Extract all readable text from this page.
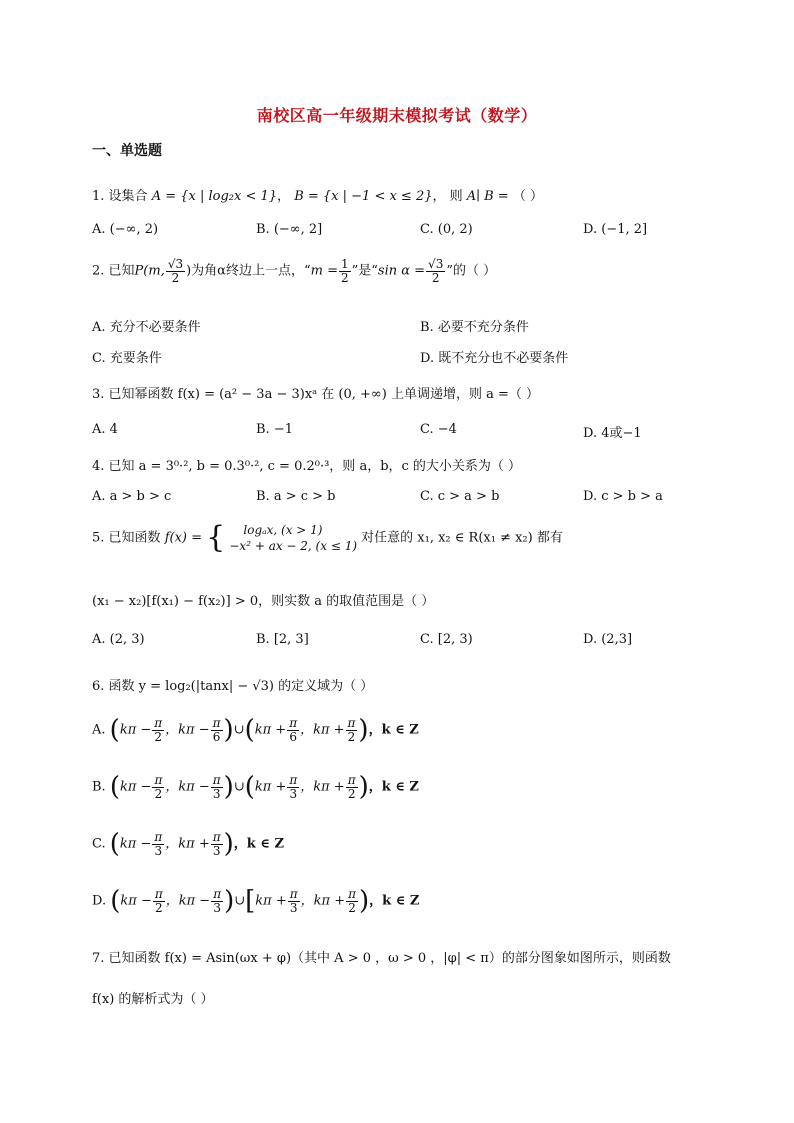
南校区高一年级期末模拟考试（数学）
一、单选题
1. 设集合 A = {x | log₂x < 1}， B = {x | −1 < x ≤ 2}， 则 A∣ B = （ ）
A. (−∞, 2)	B. (−∞, 2]	C. (0, 2)	D. (−1, 2]
2. 已知P(m, $\frac{√3}{2}$ )为角α终边上一点，“$m = \frac{1}{2}$ ”是“sin $\alpha = \frac{√3}{2}$ ”的（ ）
A. 充分不必要条件	B. 必要不充分条件
C. 充要条件	D. 既不充分也不必要条件
3. 已知幂函数 f(x) = (a² − 3a − 3)xᵃ 在 (0, +∞) 上单调递增，则 a =（ ）
A. 4	B. −1	C. −4	D. 4或−1
4. 已知 a = 3⁰·², b = 0.3⁰·², c = 0.2⁰·³，则 a，b，c 的大小关系为（ ）
A. a > b > c	B. a > c > b	C. c > a > b	D. c > b > a
5. 已知函数 f(x) = {	logₐx, (x > 1)
−x² + ax − 2, (x ≤ 1)
对任意的 x₁, x₂ ∈ R(x₁ ≠ x₂) 都有
(x₁ − x₂)[f(x₁) − f(x₂)] > 0，则实数 a 的取值范围是（ ）
A. (2, 3)	B. [2, 3]	C. [2, 3)	D. (2,3]
6. 函数 y = log₂(|tanx| − √3) 的定义域为（ ）
A. ($k\pi - \frac{\pi}{2}$ ，$k\pi - \frac{\pi}{6}$ )∪(kπ + $\frac{\pi}{6}$ ，$k\pi + \frac{\pi}{2}$ )，k ∈ Z
B. ($k\pi - \frac{\pi}{2}$ ，$k\pi - \frac{\pi}{3}$ )∪(kπ + $\frac{\pi}{3}$ ，$k\pi + \frac{\pi}{2}$ )，k ∈ Z
C. ($k\pi - \frac{\pi}{3}$ ，$k\pi + \frac{\pi}{3}$ )，k ∈ Z
D. ($k\pi - \frac{\pi}{2}$ ，$k\pi - \frac{\pi}{3}$ )∪[kπ + $\frac{\pi}{3}$ ，$k\pi + \frac{\pi}{2}$ )，k ∈ Z
7. 已知函数 f(x) = Asin(ωx + φ)（其中 A > 0 ，ω > 0 ，|φ| < π）的部分图象如图所示，则函数
f(x) 的解析式为（ ）
